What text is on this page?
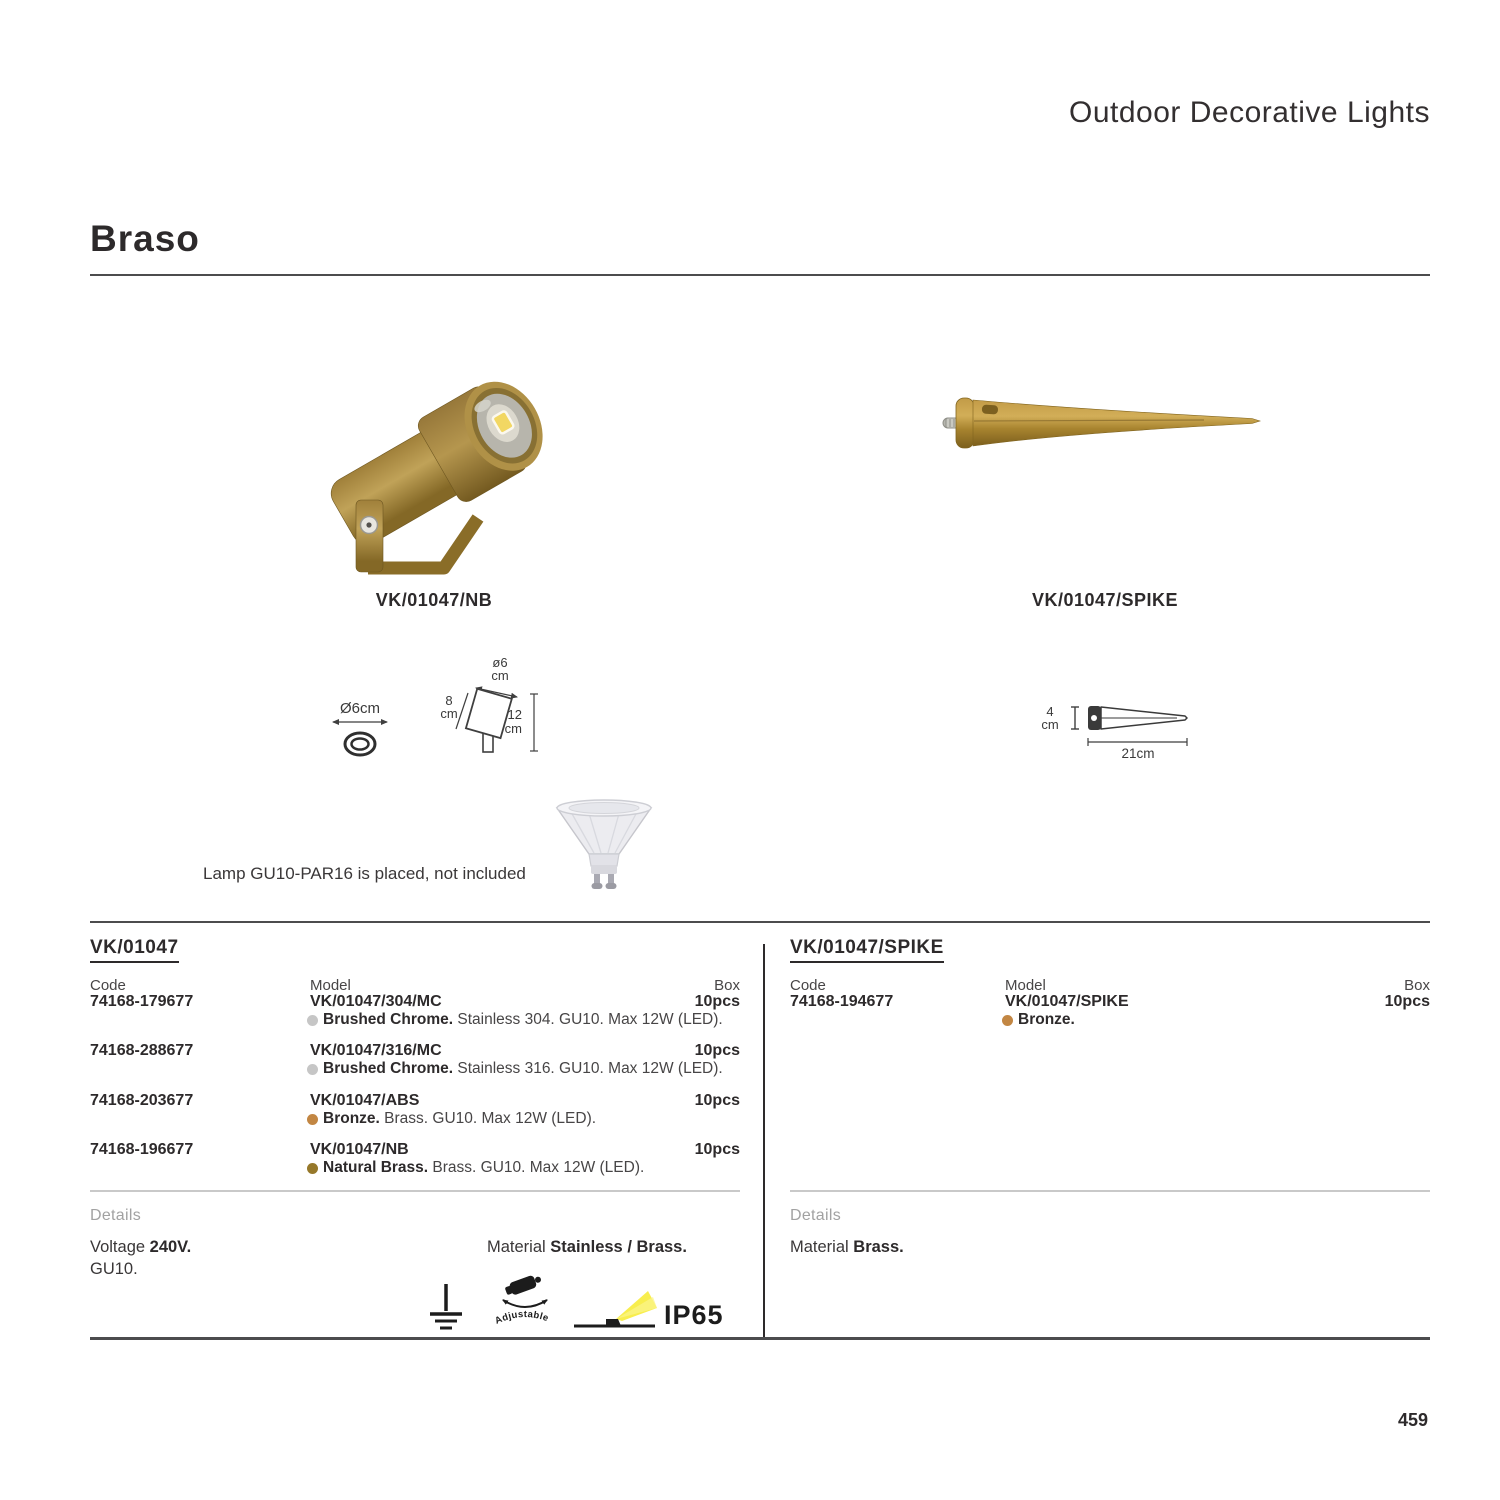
Outdoor Decorative Lights
Braso
VK/01047/NB	VK/01047/SPIKE
Ø6cm
ø6
cm
8
cm	12
cm
4
cm
21cm
Lamp GU10-PAR16 is placed, not included
VK/01047
Code	Model	Box
74168-179677	VK/01047/304/MC	10pcs
Brushed Chrome. Stainless 304. GU10. Max 12W (LED).
74168-288677	VK/01047/316/MC	10pcs
Brushed Chrome. Stainless 316. GU10. Max 12W (LED).
74168-203677	VK/01047/ABS	10pcs
Bronze. Brass. GU10. Max 12W (LED).
74168-196677	VK/01047/NB	10pcs
Natural Brass. Brass. GU10. Max 12W (LED).
Details
Voltage 240V.
GU10.
Material Stainless / Brass.
Adjustable	IP65
VK/01047/SPIKE
Code	Model	Box
74168-194677	VK/01047/SPIKE	10pcs
Bronze.
Details
Material Brass.
459
